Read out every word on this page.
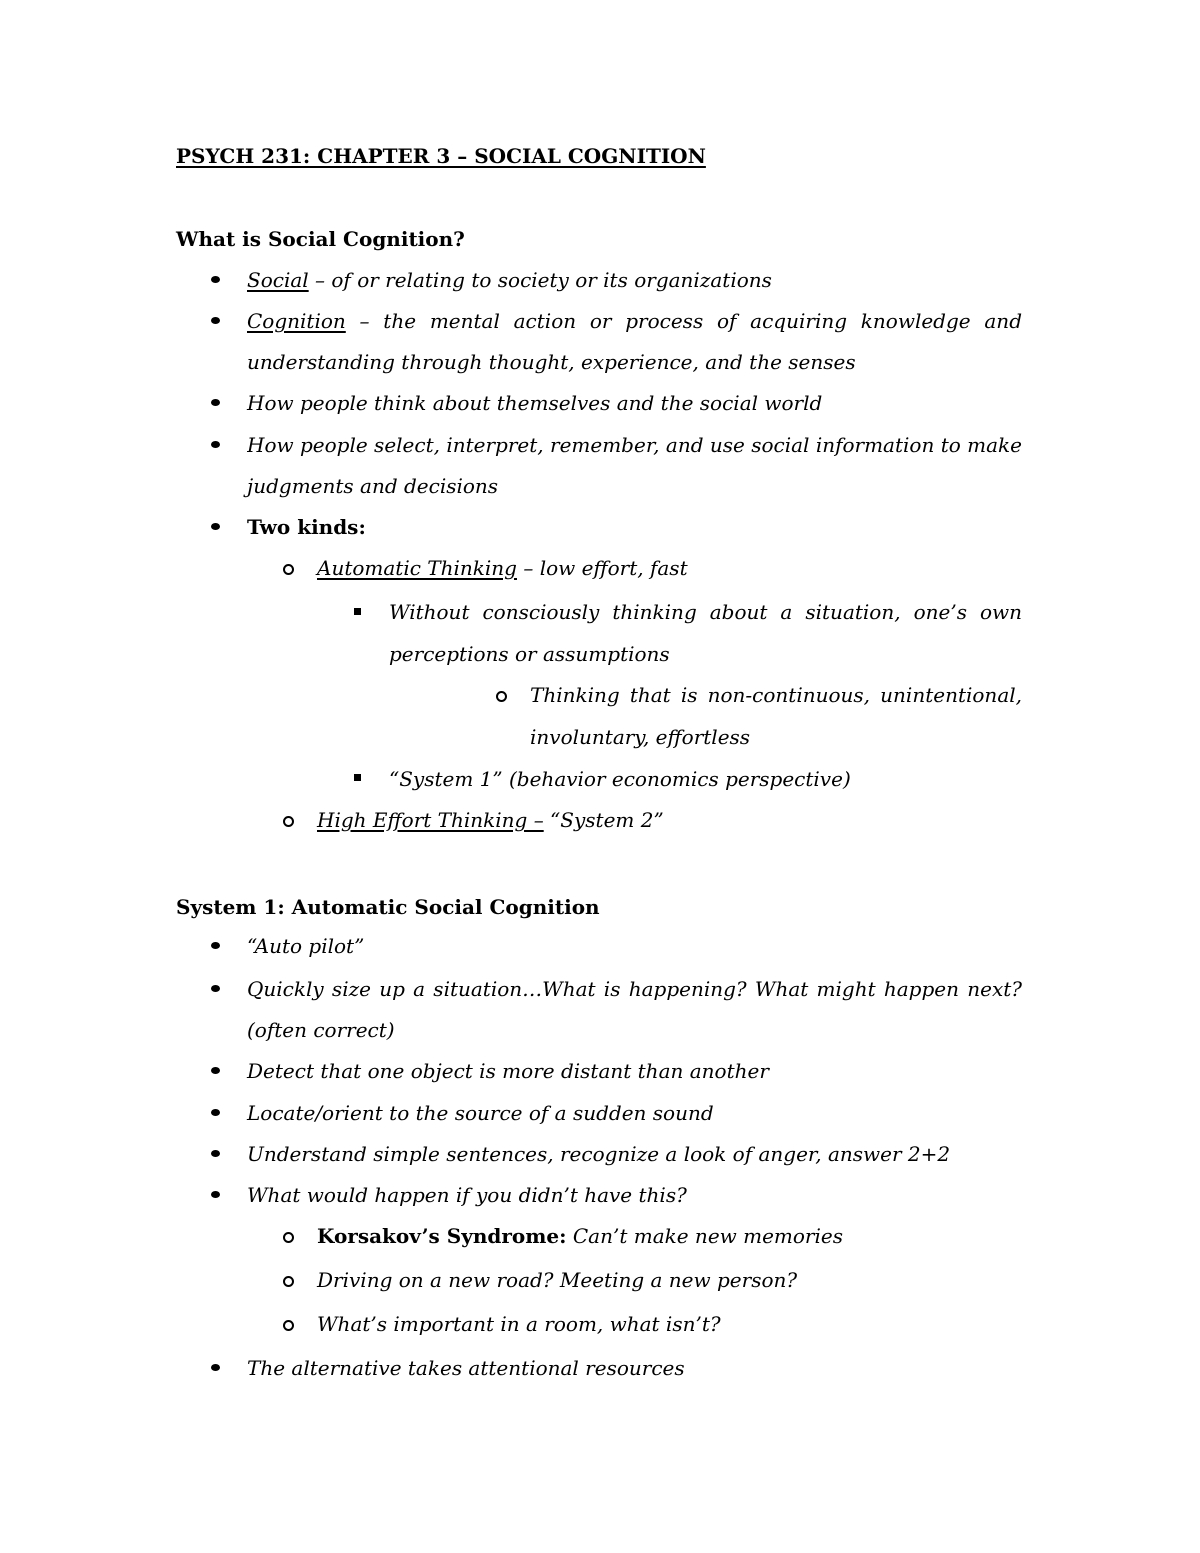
PSYCH 231: CHAPTER 3 – SOCIAL COGNITION
What is Social Cognition?
Social – of or relating to society or its organizations
Cognition – the mental action or process of acquiring knowledge and
understanding through thought, experience, and the senses
How people think about themselves and the social world
How people select, interpret, remember, and use social information to make
judgments and decisions
Two kinds:
Automatic Thinking – low effort, fast
Without consciously thinking about a situation, one’s own
perceptions or assumptions
Thinking that is non-continuous, unintentional,
involuntary, effortless
“System 1” (behavior economics perspective)
High Effort Thinking – “System 2”
System 1: Automatic Social Cognition
“Auto pilot”
Quickly size up a situation…What is happening? What might happen next?
(often correct)
Detect that one object is more distant than another
Locate/orient to the source of a sudden sound
Understand simple sentences, recognize a look of anger, answer 2+2
What would happen if you didn’t have this?
Korsakov’s Syndrome: Can’t make new memories
Driving on a new road? Meeting a new person?
What’s important in a room, what isn’t?
The alternative takes attentional resources
